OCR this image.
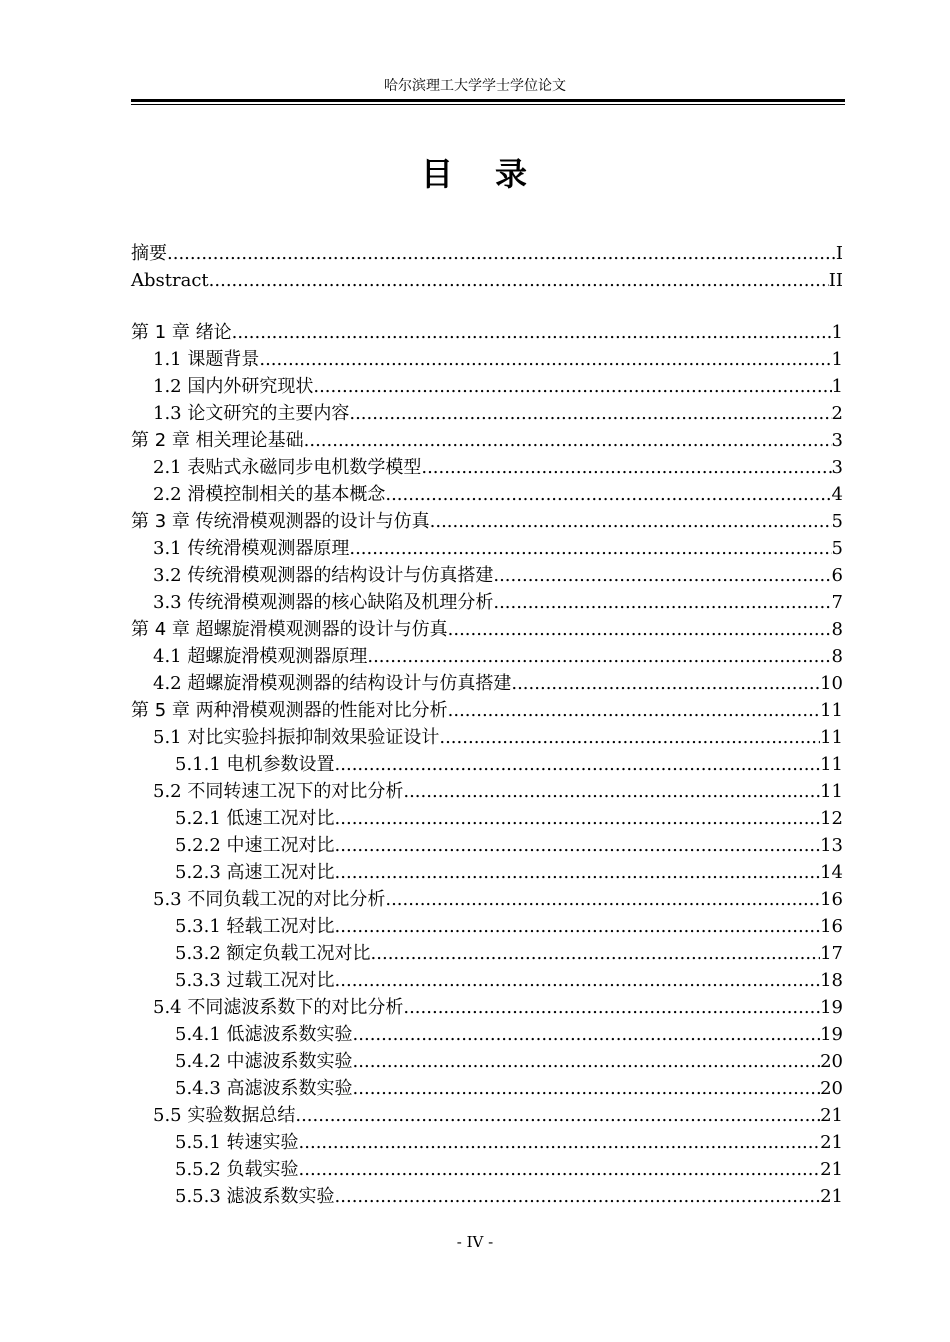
哈尔滨理工大学学士学位论文
目 录
摘要 .....	I
Abstract .....	II
第 1 章 绪论 .....	1
1.1 课题背景 .....	1
1.2 国内外研究现状 .....	1
1.3 论文研究的主要内容 .....	2
第 2 章 相关理论基础 .....	3
2.1 表贴式永磁同步电机数学模型 .....	3
2.2 滑模控制相关的基本概念 .....	4
第 3 章 传统滑模观测器的设计与仿真 .....	5
3.1 传统滑模观测器原理 .....	5
3.2 传统滑模观测器的结构设计与仿真搭建 .....	6
3.3 传统滑模观测器的核心缺陷及机理分析 .....	7
第 4 章 超螺旋滑模观测器的设计与仿真 .....	8
4.1 超螺旋滑模观测器原理 .....	8
4.2 超螺旋滑模观测器的结构设计与仿真搭建 .....	10
第 5 章 两种滑模观测器的性能对比分析 .....	11
5.1 对比实验抖振抑制效果验证设计 .....	11
5.1.1 电机参数设置 .....	11
5.2 不同转速工况下的对比分析 .....	11
5.2.1 低速工况对比 .....	12
5.2.2 中速工况对比 .....	13
5.2.3 高速工况对比 .....	14
5.3 不同负载工况的对比分析 .....	16
5.3.1 轻载工况对比 .....	16
5.3.2 额定负载工况对比 .....	17
5.3.3 过载工况对比 .....	18
5.4 不同滤波系数下的对比分析 .....	19
5.4.1 低滤波系数实验 .....	19
5.4.2 中滤波系数实验 .....	20
5.4.3 高滤波系数实验 .....	20
5.5 实验数据总结 .....	21
5.5.1 转速实验 .....	21
5.5.2 负载实验 .....	21
5.5.3 滤波系数实验 .....	21
- IV -
